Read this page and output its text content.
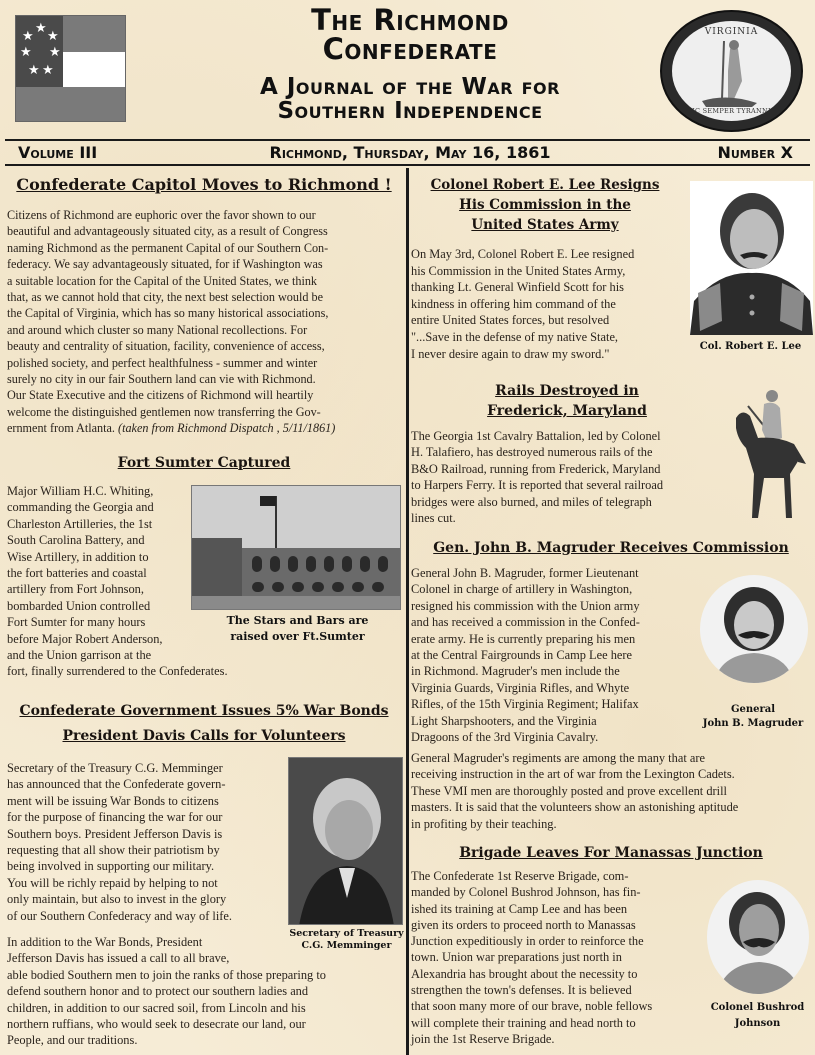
★
★
★
★
★
★
★	The Richmond
Confederate
A Journal of the War for
Southern Independence
VIRGINIA
SIC SEMPER TYRANNIS
Volume III	Richmond, Thursday, May 16, 1861	Number X
Confederate Capitol Moves to Richmond !
Citizens of Richmond are euphoric over the favor shown to our
beautiful and advantageously situated city, as a result of Congress
naming Richmond as the permanent Capital of our Southern Con-
federacy. We say advantageously situated, for if Washington was
a suitable location for the Capital of the United States, we think
that, as we cannot hold that city, the next best selection would be
the Capital of Virginia, which has so many historical associations,
and around which cluster so many National recollections. For
beauty and centrality of situation, facility, convenience of access,
polished society, and perfect healthfulness - summer and winter
surely no city in our fair Southern land can vie with Richmond.
Our State Executive and the citizens of Richmond will heartily
welcome the distinguished gentlemen now transferring the Gov-
ernment from Atlanta. (taken from Richmond Dispatch , 5/11/1861)
Fort Sumter Captured
Major William H.C. Whiting,
commanding the Georgia and
Charleston Artilleries, the 1st
South Carolina Battery, and
Wise Artillery, in addition to
the fort batteries and coastal
artillery from Fort Johnson,
bombarded Union controlled
Fort Sumter for many hours
before Major Robert Anderson,
and the Union garrison at the
fort, finally surrendered to the Confederates.
The Stars and Bars are
raised over Ft.Sumter
Confederate Government Issues 5% War Bonds
President Davis Calls for Volunteers
Secretary of the Treasury C.G. Memminger
has announced that the Confederate govern-
ment will be issuing War Bonds to citizens
for the purpose of financing the war for our
Southern boys. President Jefferson Davis is
requesting that all show their patriotism by
being involved in supporting our military.
You will be richly repaid by helping to not
only maintain, but also to invest in the glory
of our Southern Confederacy and way of life.
In addition to the War Bonds, President
Jefferson Davis has issued a call to all brave,
able bodied Southern men to join the ranks of those preparing to
defend southern honor and to protect our southern ladies and
children, in addition to our sacred soil, from Lincoln and his
northern ruffians, who would seek to desecrate our land, our
People, and our traditions.
Secretary of Treasury
C.G. Memminger
Colonel Robert E. Lee Resigns
His Commission in the
United States Army
On May 3rd, Colonel Robert E. Lee resigned
his Commission in the United States Army,
thanking Lt. General Winfield Scott for his
kindness in offering him command of the
entire United States forces, but resolved
"...Save in the defense of my native State,
I never desire again to draw my sword."
Col. Robert E. Lee
Rails Destroyed in
Frederick, Maryland
The Georgia 1st Cavalry Battalion, led by Colonel
H. Talafiero, has destroyed numerous rails of the
B&O Railroad, running from Frederick, Maryland
to Harpers Ferry. It is reported that several railroad
bridges were also burned, and miles of telegraph
lines cut.
Gen. John B. Magruder Receives Commission
General John B. Magruder, former Lieutenant
Colonel in charge of artillery in Washington,
resigned his commission with the Union army
and has received a commission in the Confed-
erate army. He is currently preparing his men
at the Central Fairgrounds in Camp Lee here
in Richmond. Magruder's men include the
Virginia Guards, Virginia Rifles, and Whyte
Rifles, of the 15th Virginia Regiment; Halifax
Light Sharpshooters, and the Virginia
Dragoons of the 3rd Virginia Cavalry.
General
John B. Magruder
General Magruder's regiments are among the many that are
receiving instruction in the art of war from the Lexington Cadets.
These VMI men are thoroughly posted and prove excellent drill
masters. It is said that the volunteers show an astonishing aptitude
in profiting by their teaching.
Brigade Leaves For Manassas Junction
The Confederate 1st Reserve Brigade, com-
manded by Colonel Bushrod Johnson, has fin-
ished its training at Camp Lee and has been
given its orders to proceed north to Manassas
Junction expeditiously in order to reinforce the
town. Union war preparations just north in
Alexandria has brought about the necessity to
strengthen the town's defenses. It is believed
that soon many more of our brave, noble fellows
will complete their training and head north to
join the 1st Reserve Brigade.
Colonel Bushrod
Johnson
